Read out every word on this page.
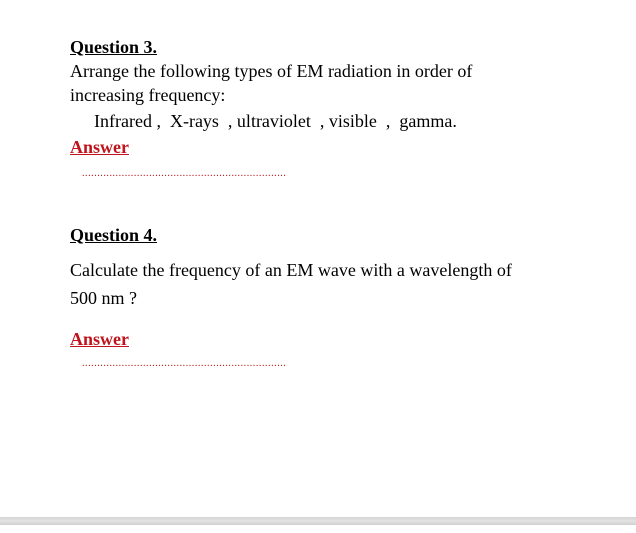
Question 3.
Arrange the following types of EM radiation in order of
increasing frequency:
Infrared ,  X-rays  , ultraviolet  , visible  ,  gamma.
Answer
...................................................................
Question 4.
Calculate the frequency of an EM wave with a wavelength of
500 nm ?
Answer
...................................................................
